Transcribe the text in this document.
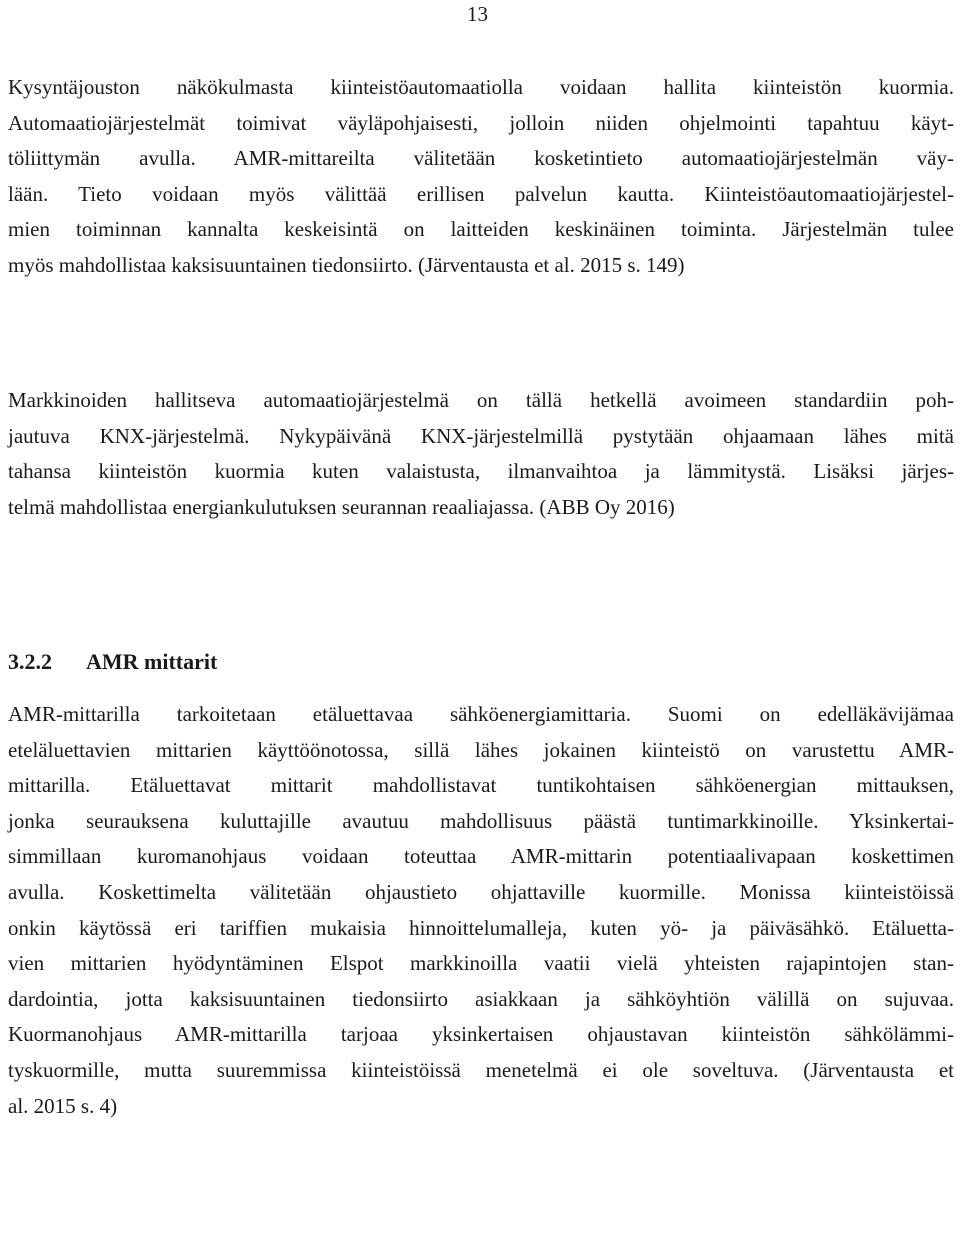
13

Kysyntäjouston näkökulmasta kiinteistöautomaatiolla voidaan hallita kiinteistön kuormia.
Automaatiojärjestelmät toimivat väyläpohjaisesti, jolloin niiden ohjelmointi tapahtuu käyt-
töliittymän avulla. AMR-mittareilta välitetään kosketintieto automaatiojärjestelmän väy-
lään. Tieto voidaan myös välittää erillisen palvelun kautta. Kiinteistöautomaatiojärjestel-
mien toiminnan kannalta keskeisintä on laitteiden keskinäinen toiminta. Järjestelmän tulee
myös mahdollistaa kaksisuuntainen tiedonsiirto. (Järventausta et al. 2015 s. 149)

Markkinoiden hallitseva automaatiojärjestelmä on tällä hetkellä avoimeen standardiin poh-
jautuva KNX-järjestelmä. Nykypäivänä KNX-järjestelmillä pystytään ohjaamaan lähes mitä
tahansa kiinteistön kuormia kuten valaistusta, ilmanvaihtoa ja lämmitystä. Lisäksi järjes-
telmä mahdollistaa energiankulutuksen seurannan reaaliajassa. (ABB Oy 2016)

3.2.2 AMR mittarit

AMR-mittarilla tarkoitetaan etäluettavaa sähköenergiamittaria. Suomi on edelläkävijämaa
eteläluettavien mittarien käyttöönotossa, sillä lähes jokainen kiinteistö on varustettu AMR-
mittarilla. Etäluettavat mittarit mahdollistavat tuntikohtaisen sähköenergian mittauksen,
jonka seurauksena kuluttajille avautuu mahdollisuus päästä tuntimarkkinoille. Yksinkertai-
simmillaan kuromanohjaus voidaan toteuttaa AMR-mittarin potentiaalivapaan koskettimen
avulla. Koskettimelta välitetään ohjaustieto ohjattaville kuormille. Monissa kiinteistöissä
onkin käytössä eri tariffien mukaisia hinnoittelumalleja, kuten yö- ja päiväsähkö. Etäluetta-
vien mittarien hyödyntäminen Elspot markkinoilla vaatii vielä yhteisten rajapintojen stan-
dardointia, jotta kaksisuuntainen tiedonsiirto asiakkaan ja sähköyhtiön välillä on sujuvaa.
Kuormanohjaus AMR-mittarilla tarjoaa yksinkertaisen ohjaustavan kiinteistön sähkölämmi-
tyskuormille, mutta suuremmissa kiinteistöissä menetelmä ei ole soveltuva. (Järventausta et
al. 2015 s. 4)
